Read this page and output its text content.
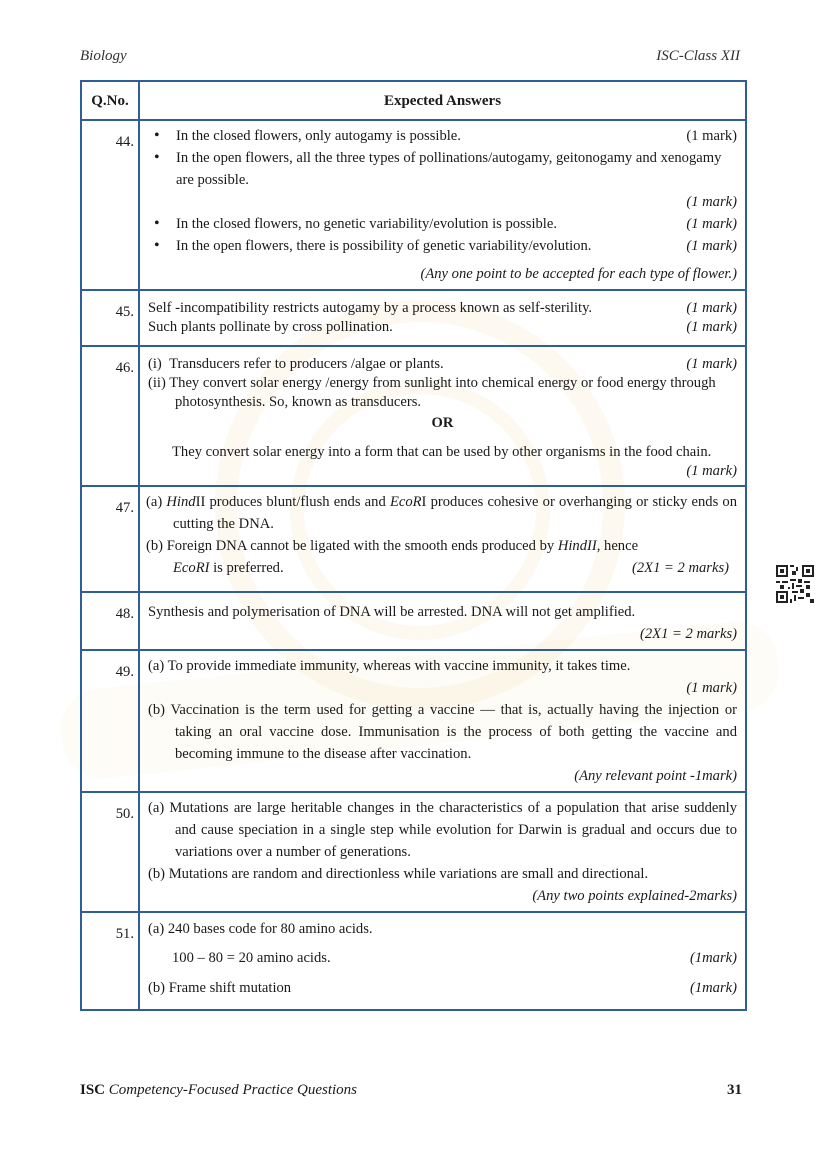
Biology	ISC-Class XII
Q.No.	Expected Answers
44.	
•In the closed flowers, only autogamy is possible.	(1 mark)
• In the open flowers, all the three types of pollinations/autogamy, geitonogamy and xenogamy are possible.
(1 mark)
• In the closed flowers, no genetic variability/evolution is possible.	(1 mark)
• In the open flowers, there is possibility of genetic variability/evolution.	(1 mark)
(Any one point to be accepted for each type of flower.)

45.	Self -incompatibility restricts autogamy by a process known as self-sterility. (1 mark)
Such plants pollinate by cross pollination. (1 mark)

46.	(i) Transducers refer to producers /algae or plants.	(1 mark)
(ii) They convert solar energy /energy from sunlight into chemical energy or food energy through photosynthesis. So, known as transducers.
OR
They convert solar energy into a form that can be used by other organisms in the food chain.
(1 mark)

47.	(a) HindII produces blunt/flush ends and EcoRI produces cohesive or overhanging or sticky ends on cutting the DNA.
(b) Foreign DNA cannot be ligated with the smooth ends produced by HindII, hence
EcoRI is preferred. (2X1 = 2 marks)

48.	Synthesis and polymerisation of DNA will be arrested. DNA will not get amplified.
(2X1 = 2 marks)

49.	(a) To provide immediate immunity, whereas with vaccine immunity, it takes time.
(1 mark)
(b) Vaccination is the term used for getting a vaccine — that is, actually having the injection or taking an oral vaccine dose. Immunisation is the process of both getting the vaccine and becoming immune to the disease after vaccination.
(Any relevant point -1mark)

50.	(a) Mutations are large heritable changes in the characteristics of a population that arise suddenly and cause speciation in a single step while evolution for Darwin is gradual and occurs due to variations over a number of generations.
(b) Mutations are random and directionless while variations are small and directional.
(Any two points explained-2marks)

51.	(a) 240 bases code for 80 amino acids.
100 – 80 = 20 amino acids. (1mark)
(b) Frame shift mutation (1mark)
ISC Competency-Focused Practice Questions	31
